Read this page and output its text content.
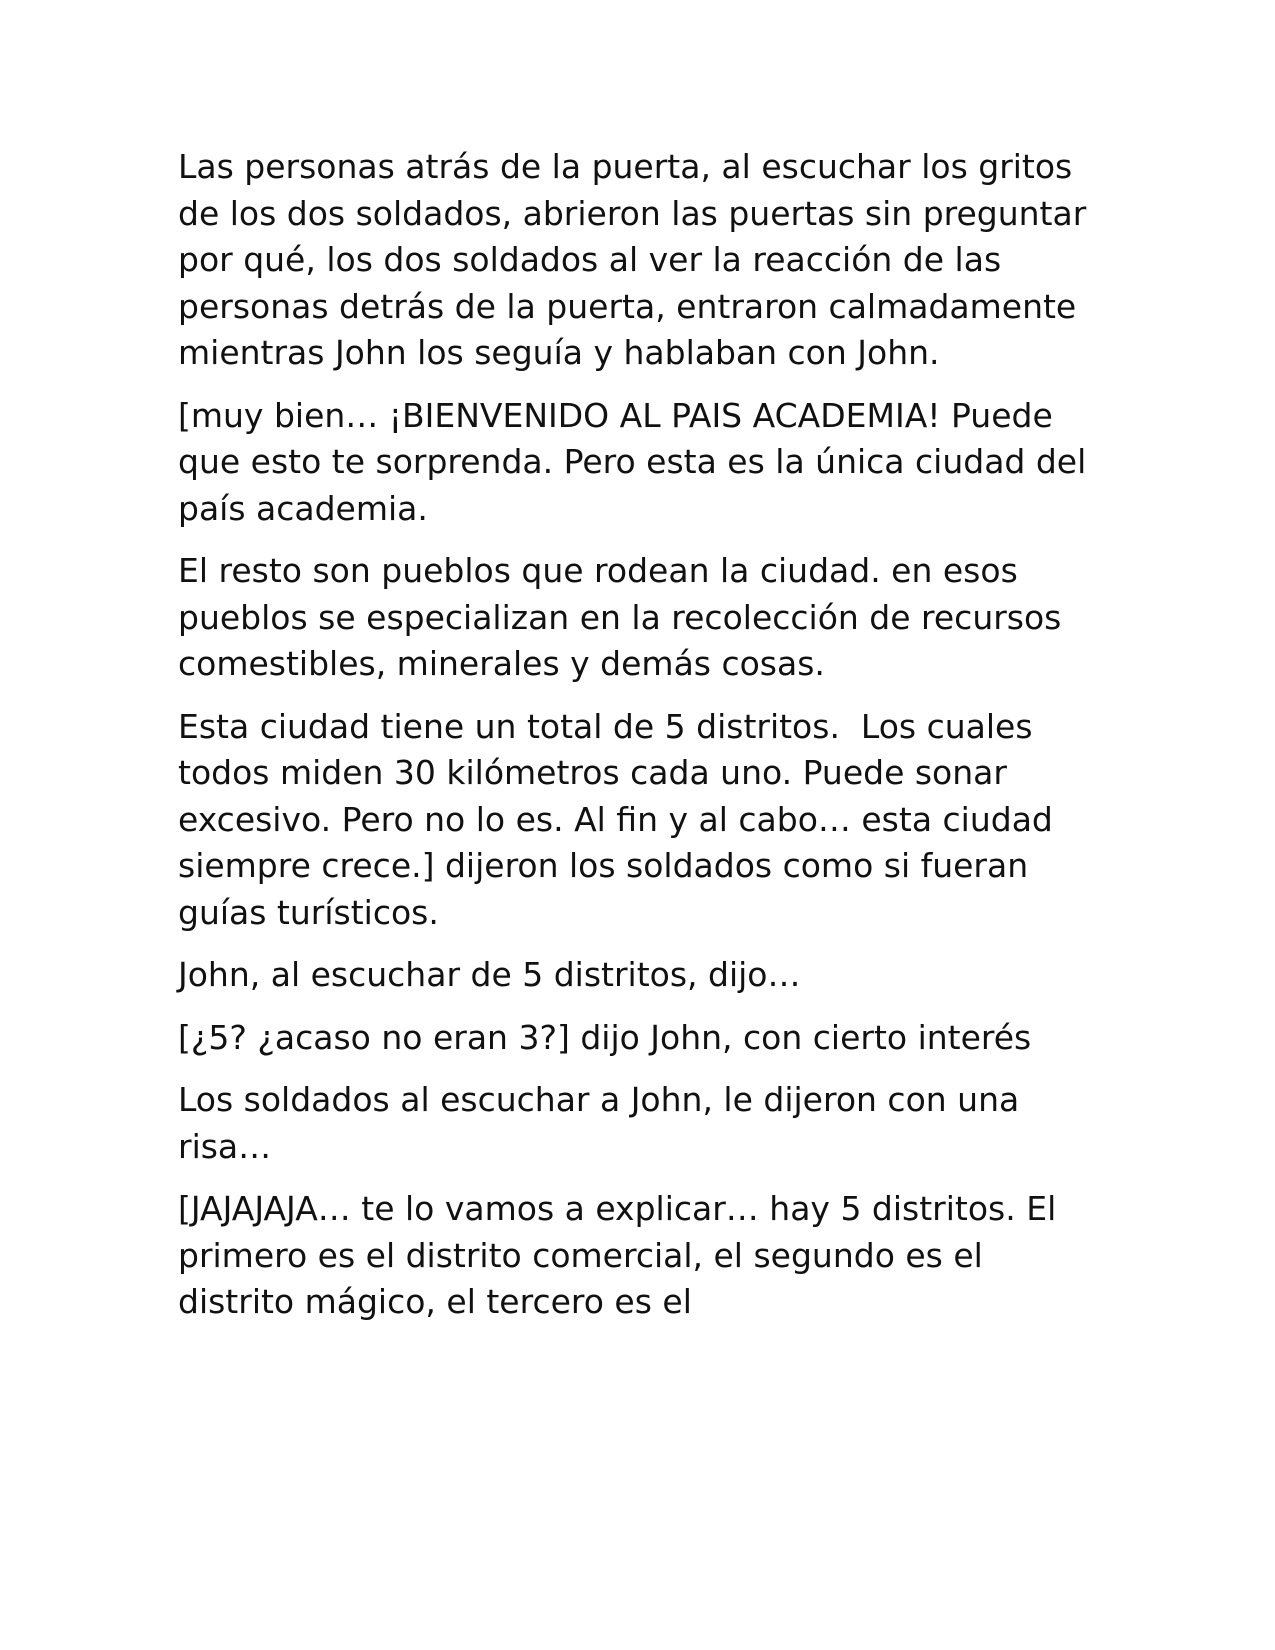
Las personas atrás de la puerta, al escuchar los gritos de los dos soldados, abrieron las puertas sin preguntar por qué, los dos soldados al ver la reacción de las personas detrás de la puerta, entraron calmadamente mientras John los seguía y hablaban con John.

[muy bien… ¡BIENVENIDO AL PAIS ACADEMIA! Puede que esto te sorprenda. Pero esta es la única ciudad del país academia.

El resto son pueblos que rodean la ciudad. en esos pueblos se especializan en la recolección de recursos comestibles, minerales y demás cosas.

Esta ciudad tiene un total de 5 distritos.  Los cuales todos miden 30 kilómetros cada uno. Puede sonar excesivo. Pero no lo es. Al fin y al cabo… esta ciudad siempre crece.] dijeron los soldados como si fueran guías turísticos.

John, al escuchar de 5 distritos, dijo…

[¿5? ¿acaso no eran 3?] dijo John, con cierto interés

Los soldados al escuchar a John, le dijeron con una risa…

[JAJAJAJA… te lo vamos a explicar… hay 5 distritos. El primero es el distrito comercial, el segundo es el distrito mágico, el tercero es el
